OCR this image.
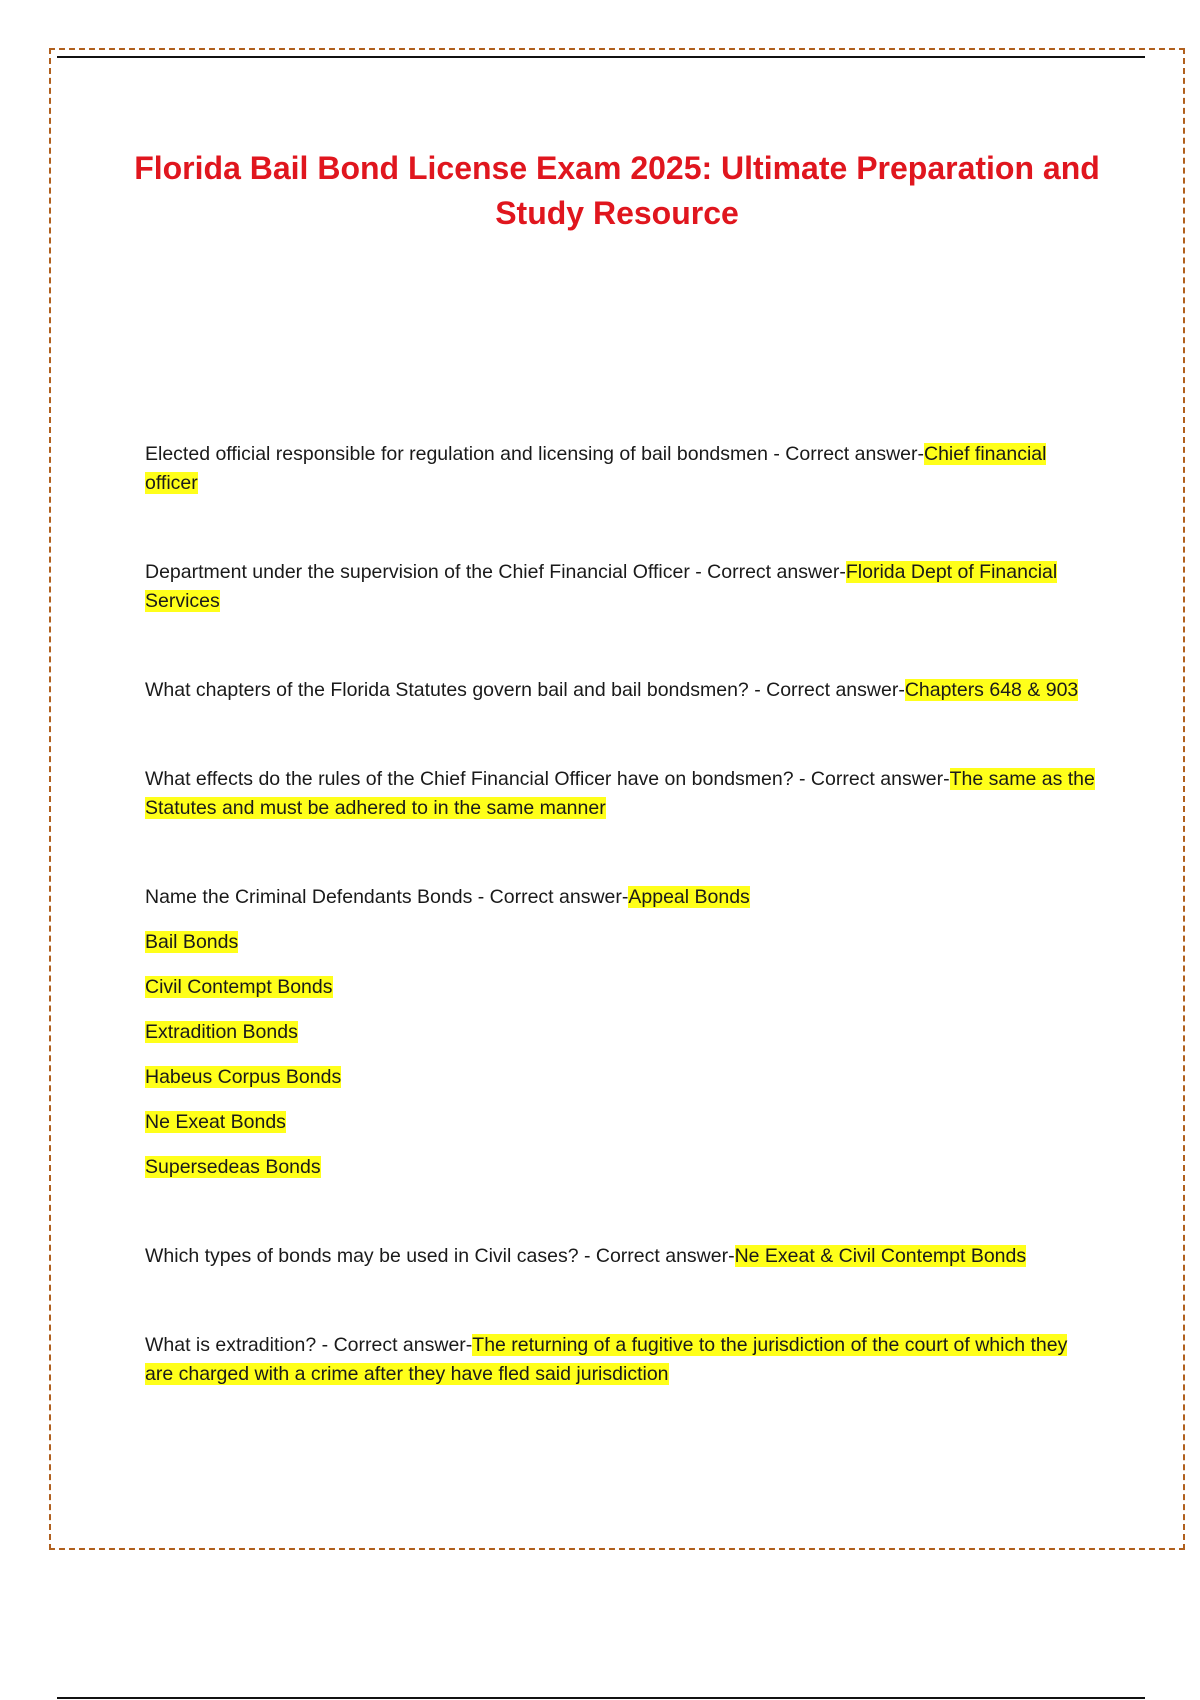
Florida Bail Bond License Exam 2025: Ultimate Preparation and Study Resource

Elected official responsible for regulation and licensing of bail bondsmen - Correct answer-Chief financial officer

Department under the supervision of the Chief Financial Officer - Correct answer-Florida Dept of Financial Services

What chapters of the Florida Statutes govern bail and bail bondsmen? - Correct answer-Chapters 648 & 903

What effects do the rules of the Chief Financial Officer have on bondsmen? - Correct answer-The same as the Statutes and must be adhered to in the same manner

Name the Criminal Defendants Bonds - Correct answer-Appeal Bonds
Bail Bonds
Civil Contempt Bonds
Extradition Bonds
Habeus Corpus Bonds
Ne Exeat Bonds
Supersedeas Bonds

Which types of bonds may be used in Civil cases? - Correct answer-Ne Exeat & Civil Contempt Bonds

What is extradition? - Correct answer-The returning of a fugitive to the jurisdiction of the court of which they are charged with a crime after they have fled said jurisdiction
